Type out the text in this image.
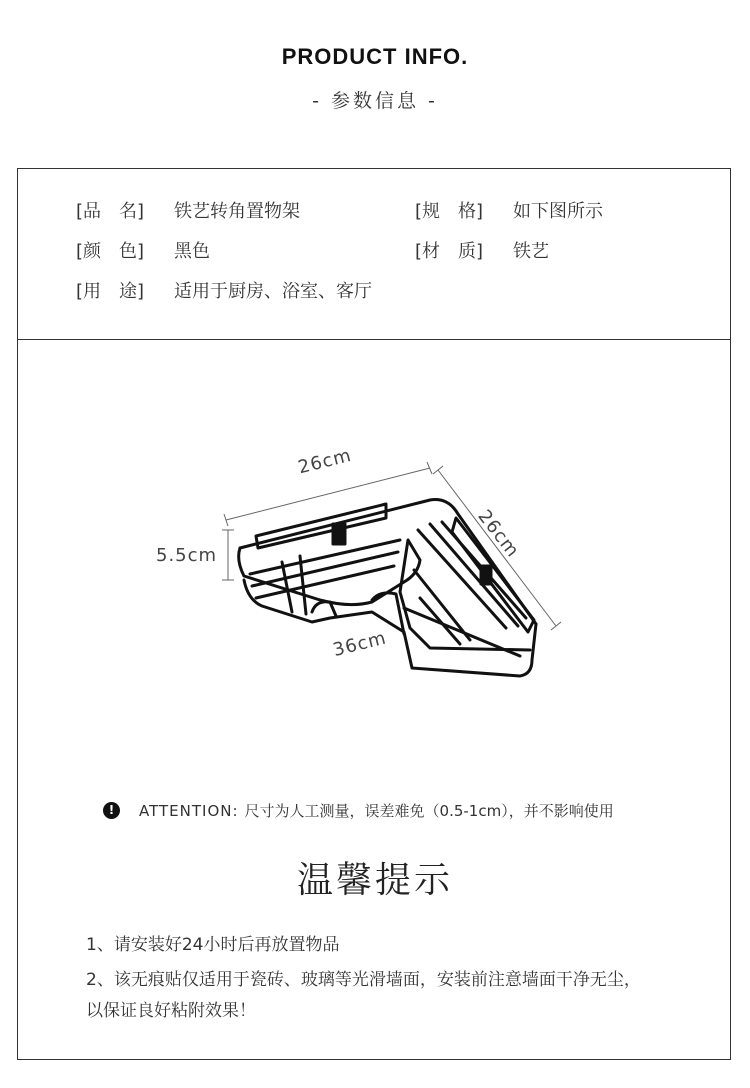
PRODUCT INFO.
- 参数信息 -
[品　名] 铁艺转角置物架	[规　格] 如下图所示
[颜　色] 黑色	[材　质] 铁艺
[用　途] 适用于厨房、浴室、客厅
26cm
26cm
5.5cm
36cm
!	ATTENTION: 尺寸为人工测量，误差难免（0.5-1cm），并不影响使用
温馨提示
1、请安装好24小时后再放置物品
2、该无痕贴仅适用于瓷砖、玻璃等光滑墙面，安装前注意墙面干净无尘，
以保证良好粘附效果！
